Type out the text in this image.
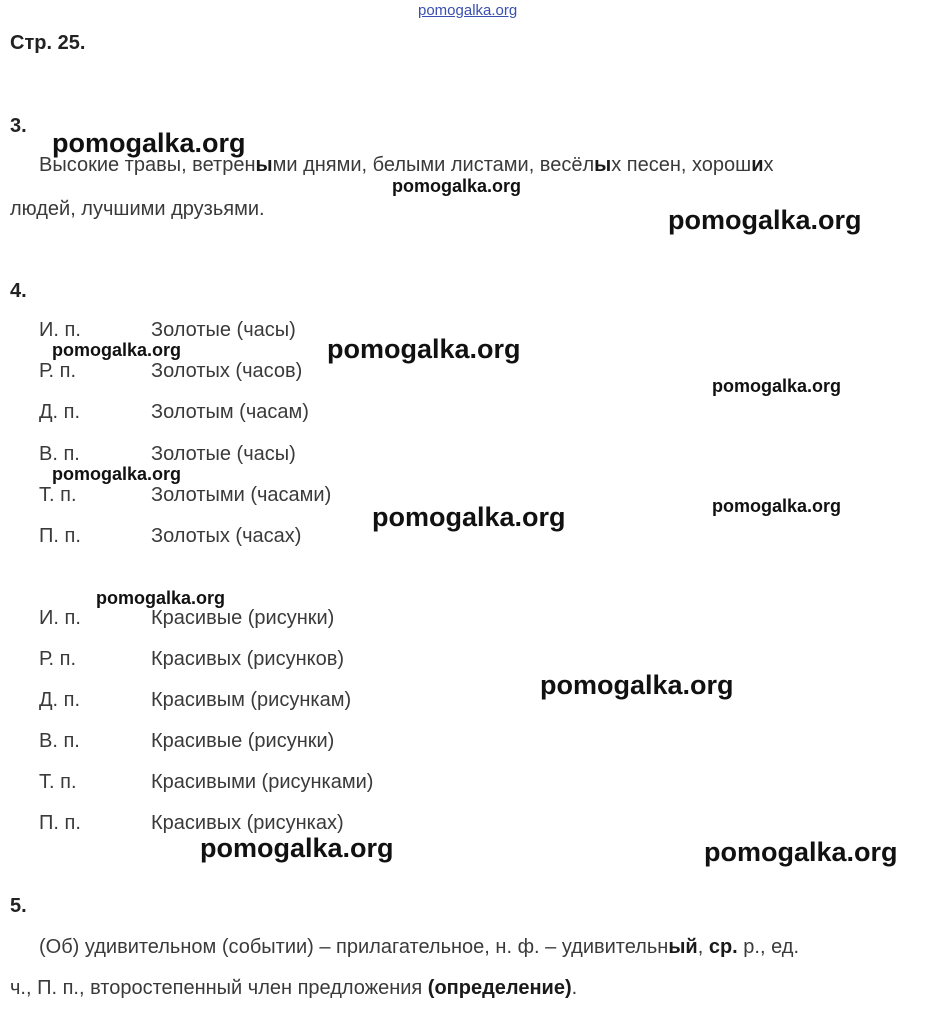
pomogalka.org
Стр. 25.
3.
Высокие травы, ветреными днями, белыми листами, весёлых песен, хороших
людей, лучшими друзьями.
4.
И. п.	Золотые (часы)
Р. п.	Золотых (часов)
Д. п.	Золотым (часам)
В. п.	Золотые (часы)
Т. п.	Золотыми (часами)
П. п.	Золотых (часах)
И. п.	Красивые (рисунки)
Р. п.	Красивых (рисунков)
Д. п.	Красивым (рисункам)
В. п.	Красивые (рисунки)
Т. п.	Красивыми (рисунками)
П. п.	Красивых (рисунках)
5.
(Об) удивительном (событии) – прилагательное, н. ф. – удивительный, ср. р., ед.
ч., П. п., второстепенный член предложения (определение).
pomogalka.org
pomogalka.org
pomogalka.org
pomogalka.org
pomogalka.org
pomogalka.org
pomogalka.org
pomogalka.org
pomogalka.org
pomogalka.org
pomogalka.org
pomogalka.org	pomogalka.org
